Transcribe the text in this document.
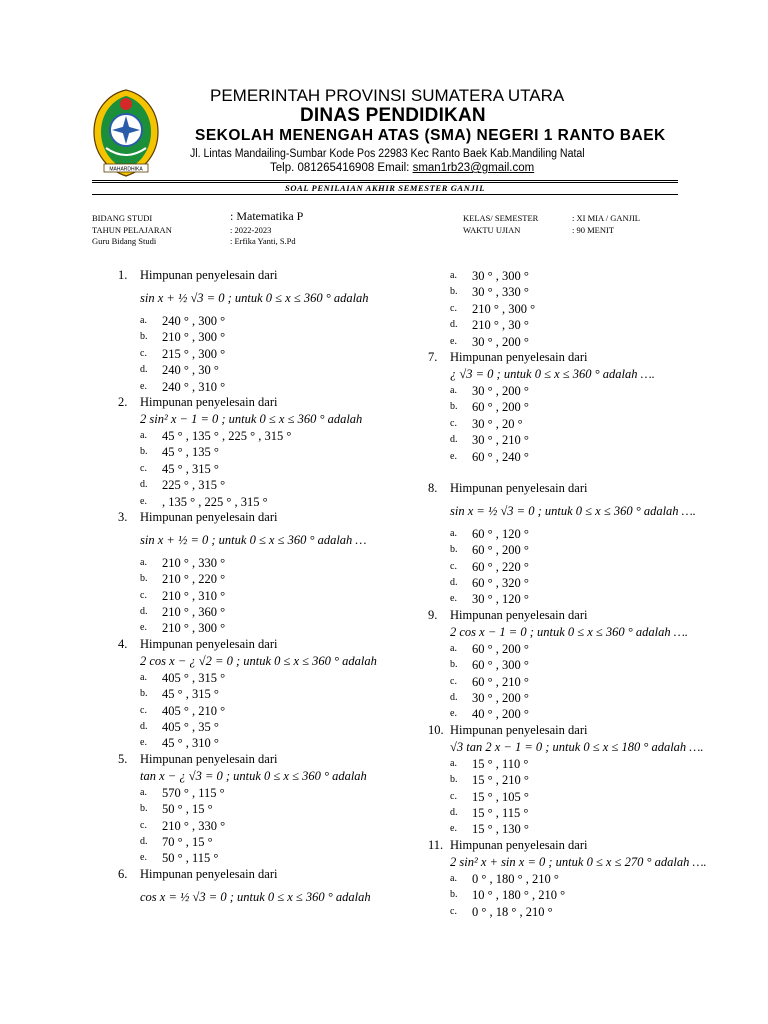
MAHARDHIKA
PEMERINTAH PROVINSI SUMATERA UTARA
DINAS PENDIDIKAN
SEKOLAH MENENGAH ATAS (SMA) NEGERI 1 RANTO BAEK
Jl. Lintas Mandailing-Sumbar Kode Pos 22983 Kec Ranto Baek Kab.Mandiling Natal
Telp. 081265416908 Email: sman1rb23@gmail.com
SOAL PENILAIAN AKHIR SEMESTER GANJIL
BIDANG STUDI	: Matematika P
TAHUN PELAJARAN	: 2022-2023
Guru Bidang Studi	: Erfika Yanti, S.Pd
KELAS/ SEMESTER	: XI MIA / GANJIL
WAKTU UJIAN	: 90 MENIT
1. Himpunan penyelesain dari
sin x + ½ √3 = 0 ; untuk 0 ≤ x ≤ 360 ° adalah
a. 240 ° , 300 °
b. 210 ° , 300 °
c. 215 ° , 300 °
d. 240 ° , 30 °
e. 240 ° , 310 °
2. Himpunan penyelesain dari
2 sin² x − 1 = 0 ; untuk 0 ≤ x ≤ 360 ° adalah
a. 45 ° , 135 ° , 225 ° , 315 °
b. 45 ° , 135 °
c. 45 ° , 315 °
d. 225 ° , 315 °
e. , 135 ° , 225 ° , 315 °
3. Himpunan penyelesain dari
sin x + ½ = 0 ; untuk 0 ≤ x ≤ 360 ° adalah …
a. 210 ° , 330 °
b. 210 ° , 220 °
c. 210 ° , 310 °
d. 210 ° , 360 °
e. 210 ° , 300 °
4. Himpunan penyelesain dari
2 cos x − ¿ √2 = 0 ; untuk 0 ≤ x ≤ 360 ° adalah
a. 405 ° , 315 °
b. 45 ° , 315 °
c. 405 ° , 210 °
d. 405 ° , 35 °
e. 45 ° , 310 °
5. Himpunan penyelesain dari
tan x − ¿ √3 = 0 ; untuk 0 ≤ x ≤ 360 ° adalah
a. 570 ° , 115 °
b. 50 ° , 15 °
c. 210 ° , 330 °
d. 70 ° , 15 °
e. 50 ° , 115 °
6.Himpunan penyelesain dari
cos x = ½ √3 = 0 ; untuk 0 ≤ x ≤ 360 ° adalah
a. 30 ° , 300 °
b. 30 ° , 330 °
c. 210 ° , 300 °
d. 210 ° , 30 °
e. 30 ° , 200 °
7.Himpunan penyelesain dari
¿ √3 = 0 ; untuk 0 ≤ x ≤ 360 ° adalah ….
a. 30 ° , 200 °
b. 60 ° , 200 °
c. 30 ° , 20 °
d. 30 ° , 210 °
e. 60 ° , 240 °
8. Himpunan penyelesain dari
sin x = ½ √3 = 0 ; untuk 0 ≤ x ≤ 360 ° adalah ….
a. 60 ° , 120 °
b. 60 ° , 200 °
c. 60 ° , 220 °
d. 60 ° , 320 °
e. 30 ° , 120 °
9.Himpunan penyelesain dari
2 cos x − 1 = 0 ; untuk 0 ≤ x ≤ 360 ° adalah ….
a. 60 ° , 200 °
b. 60 ° , 300 °
c. 60 ° , 210 °
d. 30 ° , 200 °
e. 40 ° , 200 °
10. Himpunan penyelesain dari
√3 tan 2 x − 1 = 0 ; untuk 0 ≤ x ≤ 180 ° adalah ….
a. 15 ° , 110 °
b. 15 ° , 210 °
c. 15 ° , 105 °
d. 15 ° , 115 °
e. 15 ° , 130 °
11. Himpunan penyelesain dari
2 sin² x + sin x = 0 ; untuk 0 ≤ x ≤ 270 ° adalah ….
a. 0 ° , 180 ° , 210 °
b. 10 ° , 180 ° , 210 °
c. 0 ° , 18 ° , 210 °
